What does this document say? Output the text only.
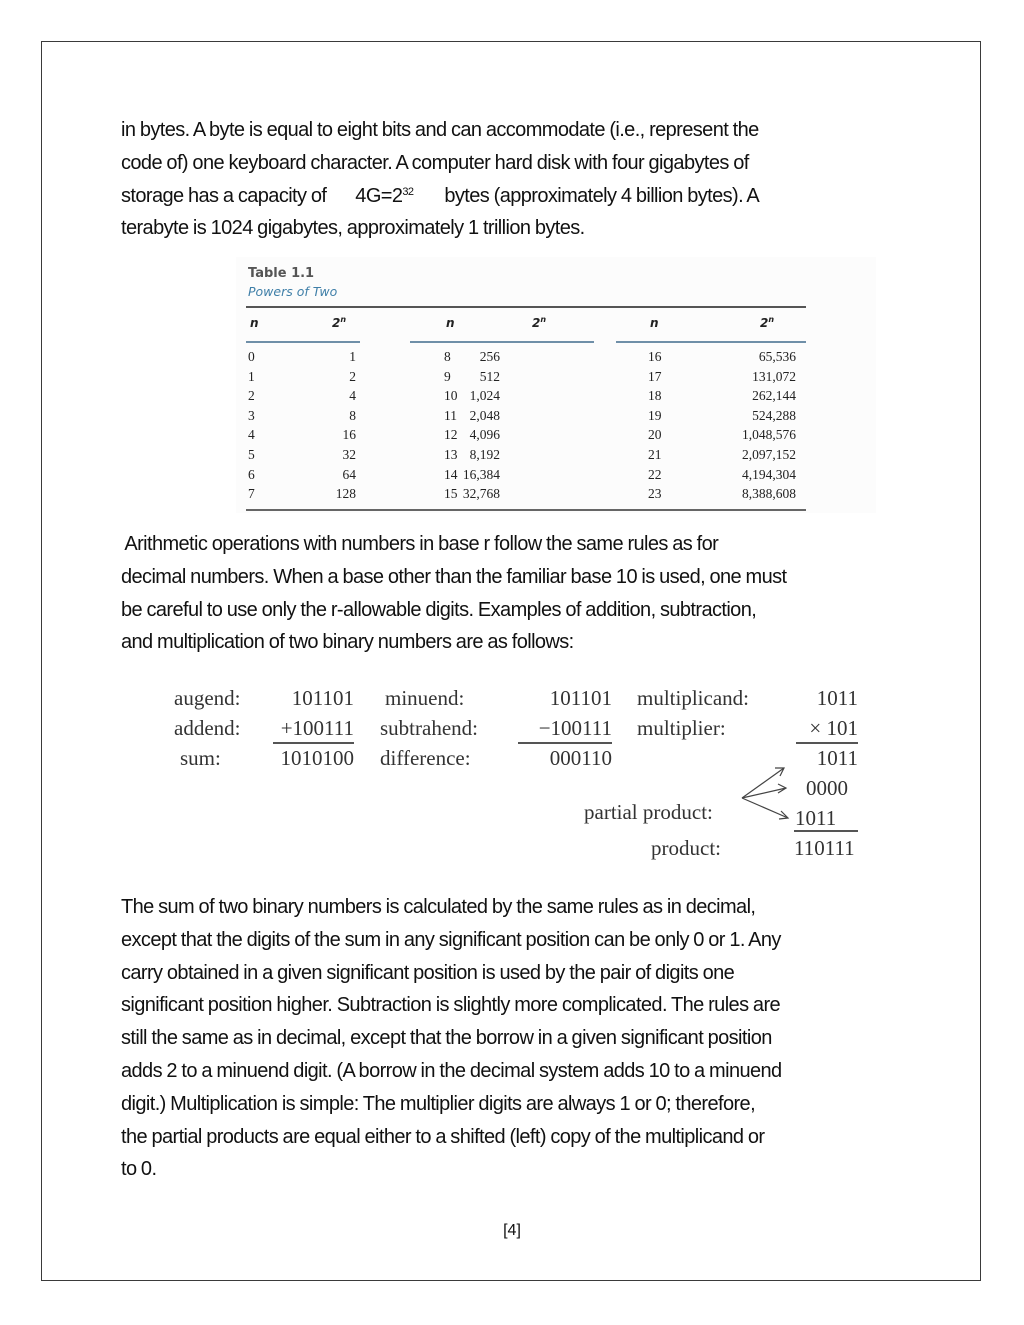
in bytes. A byte is equal to eight bits and can accommodate (i.e., represent the
code of) one keyboard character. A computer hard disk with four gigabytes of
storage has a capacity of $4G=2^{32}$ bytes (approximately 4 billion bytes). A
terabyte is 1024 gigabytes, approximately 1 trillion bytes.
Table 1.1
Powers of Two
n	2$^n$
0	1
1	2
2	4
3	8
4	16
5	32
6	64
7	128
n	2$^n$
8 256
9 512
10 1,024
11 2,048
12 4,096
13 8,192
14 16,384
15 32,768
n	2$^n$
16	65,536
17	131,072
18	262,144
19	524,288
20	1,048,576
21	2,097,152
22	4,194,304
23	8,388,608
Arithmetic operations with numbers in base r follow the same rules as for
decimal numbers. When a base other than the familiar base 10 is used, one must
be careful to use only the r-allowable digits. Examples of addition, subtraction,
and multiplication of two binary numbers are as follows:
augend:	101101
addend:	+100111
sum:	1010100
minuend:	101101
subtrahend:	−100111
difference:	000110
multiplicand:	1011
multiplier:	× 101
1011
0000
1011
partial product:
product:	110111
The sum of two binary numbers is calculated by the same rules as in decimal,
except that the digits of the sum in any significant position can be only 0 or 1. Any
carry obtained in a given significant position is used by the pair of digits one
significant position higher. Subtraction is slightly more complicated. The rules are
still the same as in decimal, except that the borrow in a given significant position
adds 2 to a minuend digit. (A borrow in the decimal system adds 10 to a minuend
digit.) Multiplication is simple: The multiplier digits are always 1 or 0; therefore,
the partial products are equal either to a shifted (left) copy of the multiplicand or
to 0.
[4]
